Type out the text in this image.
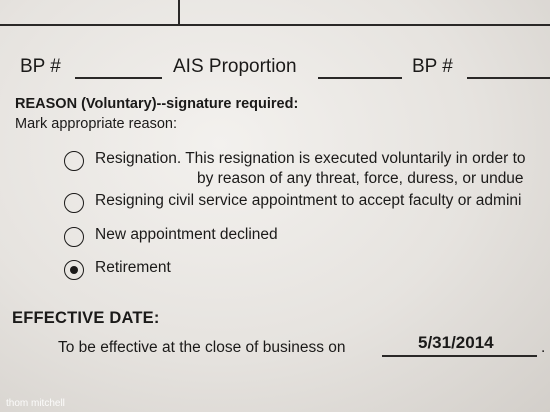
BP #	AIS Proportion	BP #
REASON (Voluntary)--signature required:
Mark appropriate reason:
Resignation. This resignation is executed voluntarily in order to
by reason of any threat, force, duress, or undue
Resigning civil service appointment to accept faculty or admini
New appointment declined
Retirement
EFFECTIVE DATE:
To be effective at the close of business on	5/31/2014	.
thom mitchell
